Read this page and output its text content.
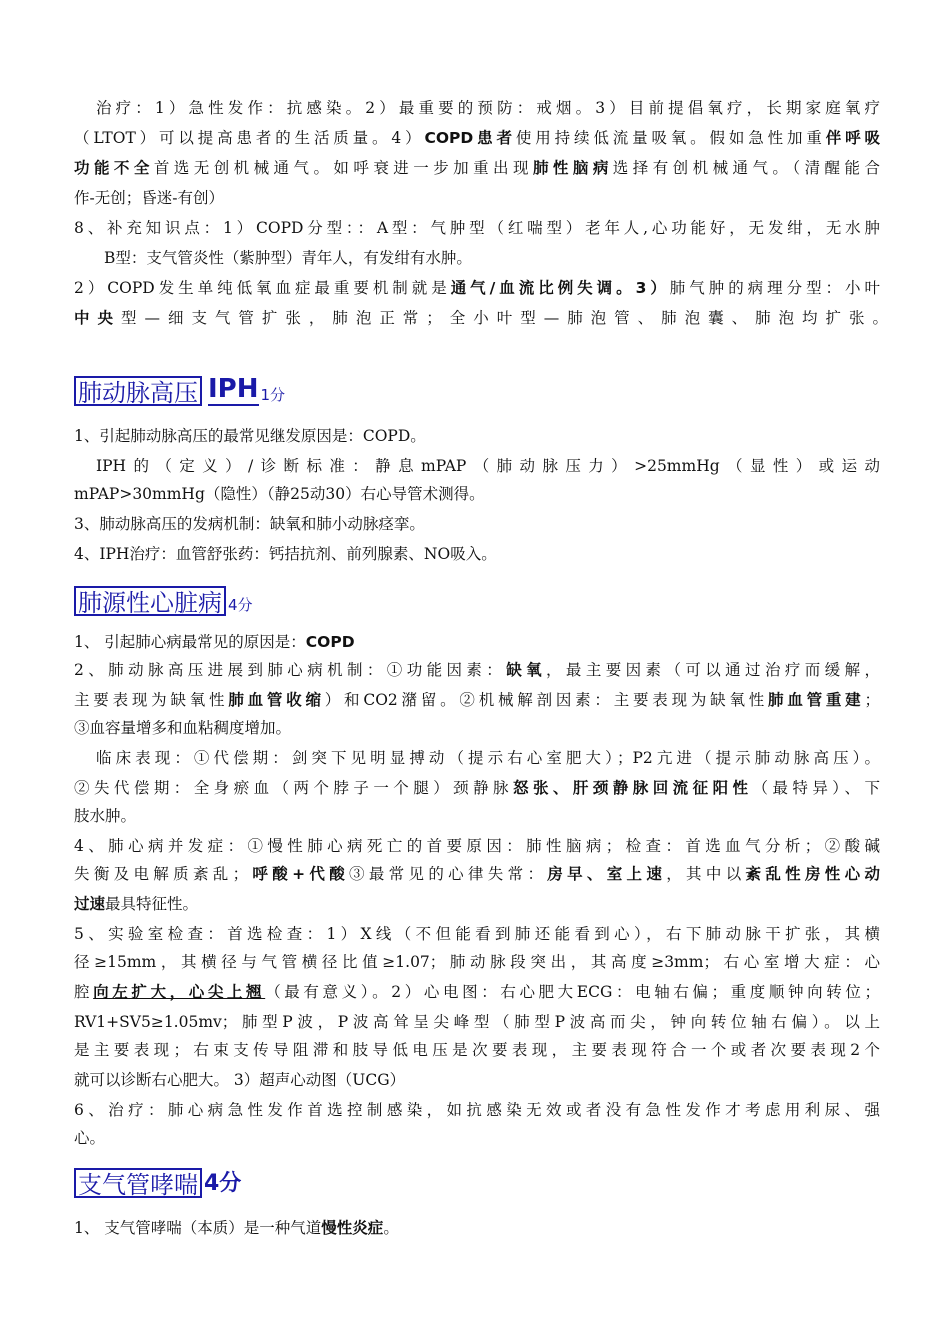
治疗：1）急性发作：抗感染。2）最重要的预防：戒烟。3）目前提倡氧疗，长期家庭氧疗
（LTOT）可以提高患者的生活质量。4）COPD患者使用持续低流量吸氧。假如急性加重伴呼吸
功能不全首选无创机械通气。如呼衰进一步加重出现肺性脑病选择有创机械通气。（清醒能合
作-无创；昏迷-有创）
8、补充知识点：1）COPD分型：：A型：气肿型（红喘型）老年人,心功能好，无发绀，无水肿
B型：支气管炎性（紫肿型）青年人，有发绀有水肿。
2）COPD发生单纯低氧血症最重要机制就是通气/血流比例失调。3）肺气肿的病理分型：小叶
中央型—细支气管扩张，肺泡正常；全小叶型—肺泡管、肺泡囊、肺泡均扩张。
肺动脉高压 IPH 1分
1、引起肺动脉高压的最常见继发原因是：COPD。
IPH的（定义）/诊断标准：静息mPAP（肺动脉压力）>25mmHg（显性）或运动
mPAP>30mmHg（隐性）（静25动30）右心导管术测得。
3、肺动脉高压的发病机制：缺氧和肺小动脉痉挛。
4、IPH治疗：血管舒张药：钙拮抗剂、前列腺素、NO吸入。
肺源性心脏病 4分
1、 引起肺心病最常见的原因是：COPD
2、肺动脉高压进展到肺心病机制：①功能因素：缺氧，最主要因素（可以通过治疗而缓解，
主要表现为缺氧性肺血管收缩）和CO2潴留。②机械解剖因素：主要表现为缺氧性肺血管重建；
③血容量增多和血粘稠度增加。
临床表现：①代偿期：剑突下见明显搏动（提示右心室肥大）；P2亢进（提示肺动脉高压）。
②失代偿期：全身瘀血（两个脖子一个腿）颈静脉怒张、肝颈静脉回流征阳性（最特异）、下
肢水肿。
4、肺心病并发症：①慢性肺心病死亡的首要原因：肺性脑病；检查：首选血气分析；②酸碱
失衡及电解质紊乱；呼酸+代酸③最常见的心律失常：房早、室上速，其中以紊乱性房性心动
过速最具特征性。
5、实验室检查：首选检查：1）X线（不但能看到肺还能看到心），右下肺动脉干扩张，其横
径≥15mm，其横径与气管横径比值≥1.07；肺动脉段突出，其高度≥3mm；右心室增大症：心
腔向左扩大，心尖上翘（最有意义）。2）心电图：右心肥大ECG：电轴右偏；重度顺钟向转位；
RV1+SV5≥1.05mv；肺型P波，P波高耸呈尖峰型（肺型P波高而尖，钟向转位轴右偏）。以上
是主要表现；右束支传导阻滞和肢导低电压是次要表现，主要表现符合一个或者次要表现2个
就可以诊断右心肥大。 3）超声心动图（UCG）
6、治疗：肺心病急性发作首选控制感染，如抗感染无效或者没有急性发作才考虑用利尿、强
心。
支气管哮喘 4分
1、 支气管哮喘（本质）是一种气道慢性炎症。
